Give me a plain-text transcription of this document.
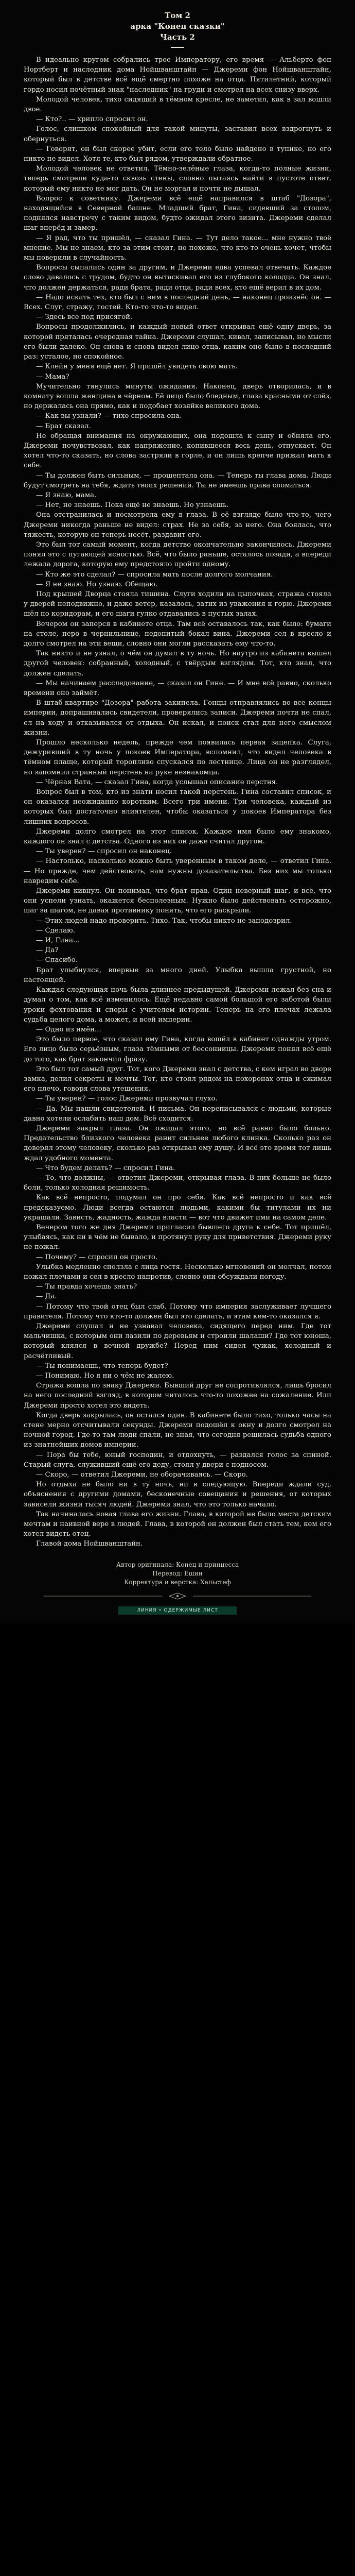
Том 2
арка "Конец сказки"
Часть 2

В идеально кругом собрались трое Императору, его время — Альберто фон Нортберт и наследник дома Нойшванштайн — Джереми фон Нойшванштайн, который был в детстве всё ещё смертно похоже на отца. Пятилетний, который гордо носил почётный знак "наследник" на груди и смотрел на всех снизу вверх.

Молодой человек, тихо сидящий в тёмном кресле, не заметил, как в зал вошли двое.

— Кто?.. — хрипло спросил он.

Голос, слишком спокойный для такой минуты, заставил всех вздрогнуть и обернуться.

— Говорят, он был скорее убит, если его тело было найдено в тупике, но его никто не видел. Хотя те, кто был рядом, утверждали обратное.

Молодой человек не ответил. Тёмно-зелёные глаза, когда-то полные жизни, теперь смотрели куда-то сквозь стены, словно пытаясь найти в пустоте ответ, который ему никто не мог дать. Он не моргал и почти не дышал.

Вопрос к советнику. Джереми всё ещё направился в штаб "Дозора", находящийся в Северной башне. Младший брат, Гина, сидевший за столом, поднялся навстречу с таким видом, будто ожидал этого визита. Джереми сделал шаг вперёд и замер.

— Я рад, что ты пришёл, — сказал Гина. — Тут дело такое... мне нужно твоё мнение. Мы не знаем, кто за этим стоит, но похоже, что кто-то очень хочет, чтобы мы поверили в случайность.

Вопросы сыпались один за другим, и Джереми едва успевал отвечать. Каждое слово давалось с трудом, будто он вытаскивал его из глубокого колодца. Он знал, что должен держаться, ради брата, ради отца, ради всех, кто ещё верил в их дом.

— Надо искать тех, кто был с ним в последний день, — наконец произнёс он. — Всех. Слуг, стражу, гостей. Кто-то что-то видел.

— Здесь все под присягой.

Вопросы продолжились, и каждый новый ответ открывал ещё одну дверь, за которой пряталась очередная тайна. Джереми слушал, кивал, записывал, но мысли его были далеко. Он снова и снова видел лицо отца, каким оно было в последний раз: усталое, но спокойное.

— Клейн у меня ещё нет. Я пришёл увидеть свою мать.

— Мама?

Мучительно тянулись минуты ожидания. Наконец, дверь отворилась, и в комнату вошла женщина в чёрном. Её лицо было бледным, глаза красными от слёз, но держалась она прямо, как и подобает хозяйке великого дома.

— Как вы узнали? — тихо спросила она.

— Брат сказал.

Не обращая внимания на окружающих, она подошла к сыну и обняла его. Джереми почувствовал, как напряжение, копившееся весь день, отпускает. Он хотел что-то сказать, но слова застряли в горле, и он лишь крепче прижал мать к себе.

— Ты должен быть сильным, — прошептала она. — Теперь ты глава дома. Люди будут смотреть на тебя, ждать твоих решений. Ты не имеешь права сломаться.

— Я знаю, мама.

— Нет, не знаешь. Пока ещё не знаешь. Но узнаешь.

Она отстранилась и посмотрела ему в глаза. В её взгляде было что-то, чего Джереми никогда раньше не видел: страх. Не за себя, за него. Она боялась, что тяжесть, которую он теперь несёт, раздавит его.

Это был тот самый момент, когда детство окончательно закончилось. Джереми понял это с пугающей ясностью. Всё, что было раньше, осталось позади, а впереди лежала дорога, которую ему предстояло пройти одному.

— Кто же это сделал? — спросила мать после долгого молчания.

— Я не знаю. Но узнаю. Обещаю.

Под крышей Дворца стояла тишина. Слуги ходили на цыпочках, стража стояла у дверей неподвижно, и даже ветер, казалось, затих из уважения к горю. Джереми шёл по коридорам, и его шаги гулко отдавались в пустых залах.

Вечером он заперся в кабинете отца. Там всё оставалось так, как было: бумаги на столе, перо в чернильнице, недопитый бокал вина. Джереми сел в кресло и долго смотрел на эти вещи, словно они могли рассказать ему что-то.

Так никто и не узнал, о чём он думал в ту ночь. Но наутро из кабинета вышел другой человек: собранный, холодный, с твёрдым взглядом. Тот, кто знал, что должен сделать.

— Мы начинаем расследование, — сказал он Гине. — И мне всё равно, сколько времени оно займёт.

В штаб-квартире "Дозора" работа закипела. Гонцы отправлялись во все концы империи, допрашивались свидетели, проверялись записи. Джереми почти не спал, ел на ходу и отказывался от отдыха. Он искал, и поиск стал для него смыслом жизни.

Прошло несколько недель, прежде чем появилась первая зацепка. Слуга, дежуривший в ту ночь у покоев Императора, вспомнил, что видел человека в тёмном плаще, который торопливо спускался по лестнице. Лица он не разглядел, но запомнил странный перстень на руке незнакомца.

— Чёрная Вата, — сказал Гина, когда услышал описание перстня.

Вопрос был в том, кто из знати носил такой перстень. Гина составил список, и он оказался неожиданно коротким. Всего три имени. Три человека, каждый из которых был достаточно влиятелен, чтобы оказаться у покоев Императора без лишних вопросов.

Джереми долго смотрел на этот список. Каждое имя было ему знакомо, каждого он знал с детства. Одного из них он даже считал другом.

— Ты уверен? — спросил он наконец.

— Настолько, насколько можно быть уверенным в таком деле, — ответил Гина. — Но прежде, чем действовать, нам нужны доказательства. Без них мы только навредим себе.

Джереми кивнул. Он понимал, что брат прав. Один неверный шаг, и всё, что они успели узнать, окажется бесполезным. Нужно было действовать осторожно, шаг за шагом, не давая противнику понять, что его раскрыли.

— Этих людей надо проверить. Тихо. Так, чтобы никто не заподозрил.

— Сделаю.

— И, Гина...

— Да?

— Спасибо.

Брат улыбнулся, впервые за много дней. Улыбка вышла грустной, но настоящей.

Каждая следующая ночь была длиннее предыдущей. Джереми лежал без сна и думал о том, как всё изменилось. Ещё недавно самой большой его заботой были уроки фехтования и споры с учителем истории. Теперь на его плечах лежала судьба целого дома, а может, и всей империи.

— Одно из имён...

Это было первое, что сказал ему Гина, когда вошёл в кабинет однажды утром. Его лицо было серьёзным, глаза тёмными от бессонницы. Джереми понял всё ещё до того, как брат закончил фразу.

Это был тот самый друг. Тот, кого Джереми знал с детства, с кем играл во дворе замка, делил секреты и мечты. Тот, кто стоял рядом на похоронах отца и сжимал его плечо, говоря слова утешения.

— Ты уверен? — голос Джереми прозвучал глухо.

— Да. Мы нашли свидетелей. И письма. Он переписывался с людьми, которые давно хотели ослабить наш дом. Всё сходится.

Джереми закрыл глаза. Он ожидал этого, но всё равно было больно. Предательство близкого человека ранит сильнее любого клинка. Сколько раз он доверял этому человеку, сколько раз открывал ему душу. И всё это время тот лишь ждал удобного момента.

— Что будем делать? — спросил Гина.

— То, что должны, — ответил Джереми, открывая глаза. В них больше не было боли, только холодная решимость.

Как всё непросто, подумал он про себя. Как всё непросто и как всё предсказуемо. Люди всегда остаются людьми, какими бы титулами их ни украшали. Зависть, жадность, жажда власти — вот что движет ими на самом деле.

Вечером того же дня Джереми пригласил бывшего друга к себе. Тот пришёл, улыбаясь, как ни в чём не бывало, и протянул руку для приветствия. Джереми руку не пожал.

— Почему? — спросил он просто.

Улыбка медленно сползла с лица гостя. Несколько мгновений он молчал, потом пожал плечами и сел в кресло напротив, словно они обсуждали погоду.

— Ты правда хочешь знать?

— Да.

— Потому что твой отец был слаб. Потому что империя заслуживает лучшего правителя. Потому что кто-то должен был это сделать, и этим кем-то оказался я.

Джереми слушал и не узнавал человека, сидящего перед ним. Где тот мальчишка, с которым они лазили по деревьям и строили шалаши? Где тот юноша, который клялся в вечной дружбе? Перед ним сидел чужак, холодный и расчётливый.

— Ты понимаешь, что теперь будет?

— Понимаю. Но я ни о чём не жалею.

Стража вошла по знаку Джереми. Бывший друг не сопротивлялся, лишь бросил на него последний взгляд, в котором читалось что-то похожее на сожаление. Или Джереми просто хотел это видеть.

Когда дверь закрылась, он остался один. В кабинете было тихо, только часы на стене мерно отсчитывали секунды. Джереми подошёл к окну и долго смотрел на ночной город. Где-то там люди спали, не зная, что сегодня решилась судьба одного из знатнейших домов империи.

— Пора бы тебе, юный господин, и отдохнуть, — раздался голос за спиной. Старый слуга, служивший ещё его деду, стоял у двери с подносом.

— Скоро, — ответил Джереми, не оборачиваясь. — Скоро.

Но отдыха не было ни в ту ночь, ни в следующую. Впереди ждали суд, объяснения с другими домами, бесконечные совещания и решения, от которых зависели жизни тысяч людей. Джереми знал, что это только начало.

Так начиналась новая глава его жизни. Глава, в которой не было места детским мечтам и наивной вере в людей. Глава, в которой он должен был стать тем, кем его хотел видеть отец.

Главой дома Нойшванштайн.

Автор оригинала: Конец и принцесса
Перевод: Ёшин
Корректура и верстка: Хальстеф
ЛИНИЯ • ОДЕРЖИМЫЕ ЛИСТ
